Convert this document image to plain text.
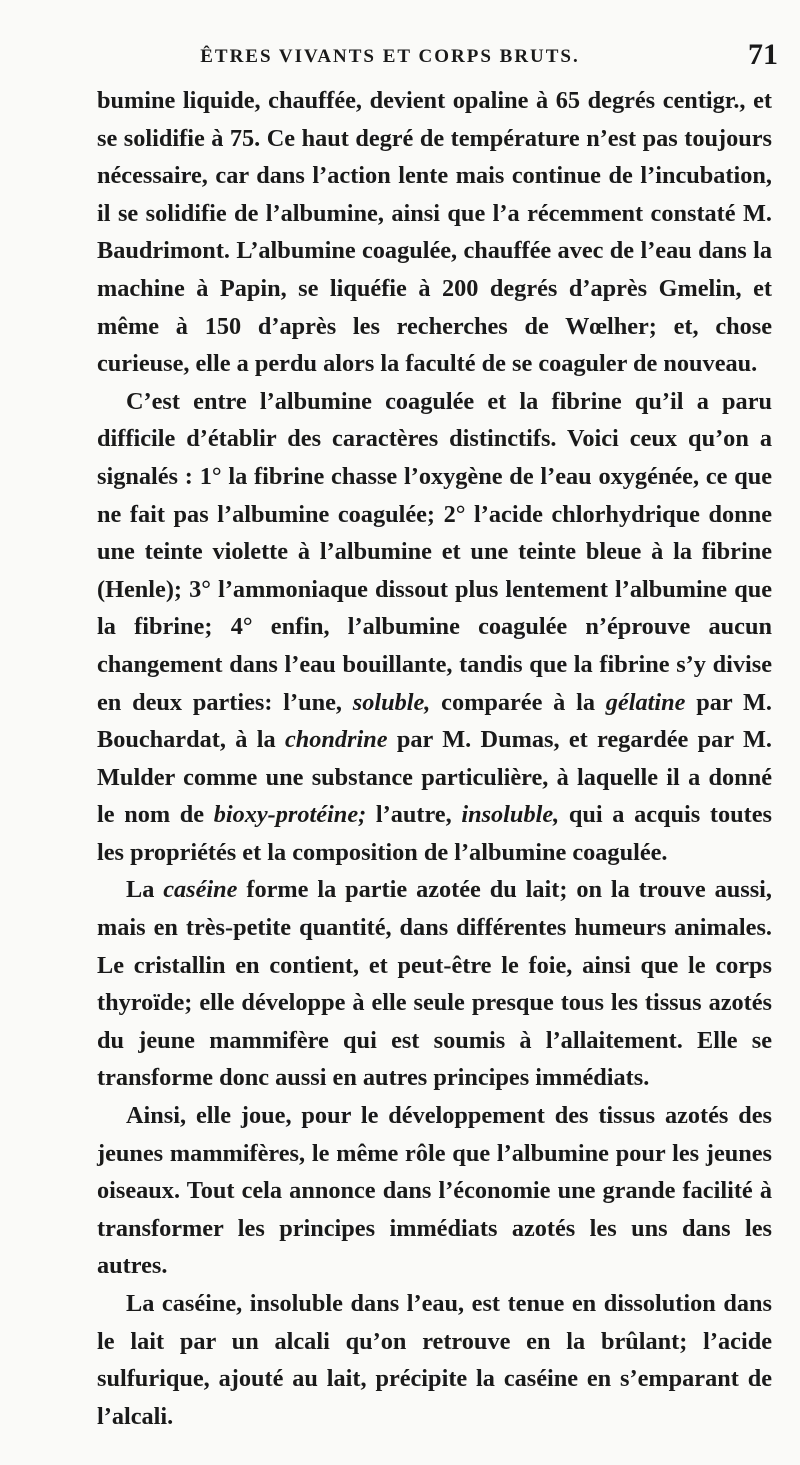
ÊTRES VIVANTS ET CORPS BRUTS.	71

bumine liquide, chauffée, devient opaline à 65 degrés centigr., et se solidifie à 75. Ce haut degré de température n’est pas toujours nécessaire, car dans l’action lente mais continue de l’incubation, il se solidifie de l’albumine, ainsi que l’a récemment constaté M. Baudrimont. L’albumine coagulée, chauffée avec de l’eau dans la machine à Papin, se liquéfie à 200 degrés d’après Gmelin, et même à 150 d’après les recherches de Wœlher; et, chose curieuse, elle a perdu alors la faculté de se coaguler de nouveau.

C’est entre l’albumine coagulée et la fibrine qu’il a paru difficile d’établir des caractères distinctifs. Voici ceux qu’on a signalés : 1° la fibrine chasse l’oxygène de l’eau oxygénée, ce que ne fait pas l’albumine coagulée; 2° l’acide chlorhydrique donne une teinte violette à l’albumine et une teinte bleue à la fibrine (Henle); 3° l’ammoniaque dissout plus lentement l’albumine que la fibrine; 4° enfin, l’albumine coagulée n’éprouve aucun changement dans l’eau bouillante, tandis que la fibrine s’y divise en deux parties: l’une, soluble, comparée à la gélatine par M. Bouchardat, à la chondrine par M. Dumas, et regardée par M. Mulder comme une substance particulière, à laquelle il a donné le nom de bioxy-protéine; l’autre, insoluble, qui a acquis toutes les propriétés et la composition de l’albumine coagulée.

La caséine forme la partie azotée du lait; on la trouve aussi, mais en très-petite quantité, dans différentes humeurs animales. Le cristallin en contient, et peut-être le foie, ainsi que le corps thyroïde; elle développe à elle seule presque tous les tissus azotés du jeune mammifère qui est soumis à l’allaitement. Elle se transforme donc aussi en autres principes immédiats.

Ainsi, elle joue, pour le développement des tissus azotés des jeunes mammifères, le même rôle que l’albumine pour les jeunes oiseaux. Tout cela annonce dans l’économie une grande facilité à transformer les principes immédiats azotés les uns dans les autres.

La caséine, insoluble dans l’eau, est tenue en dissolution dans le lait par un alcali qu’on retrouve en la brûlant; l’acide sulfurique, ajouté au lait, précipite la caséine en s’emparant de l’alcali.
